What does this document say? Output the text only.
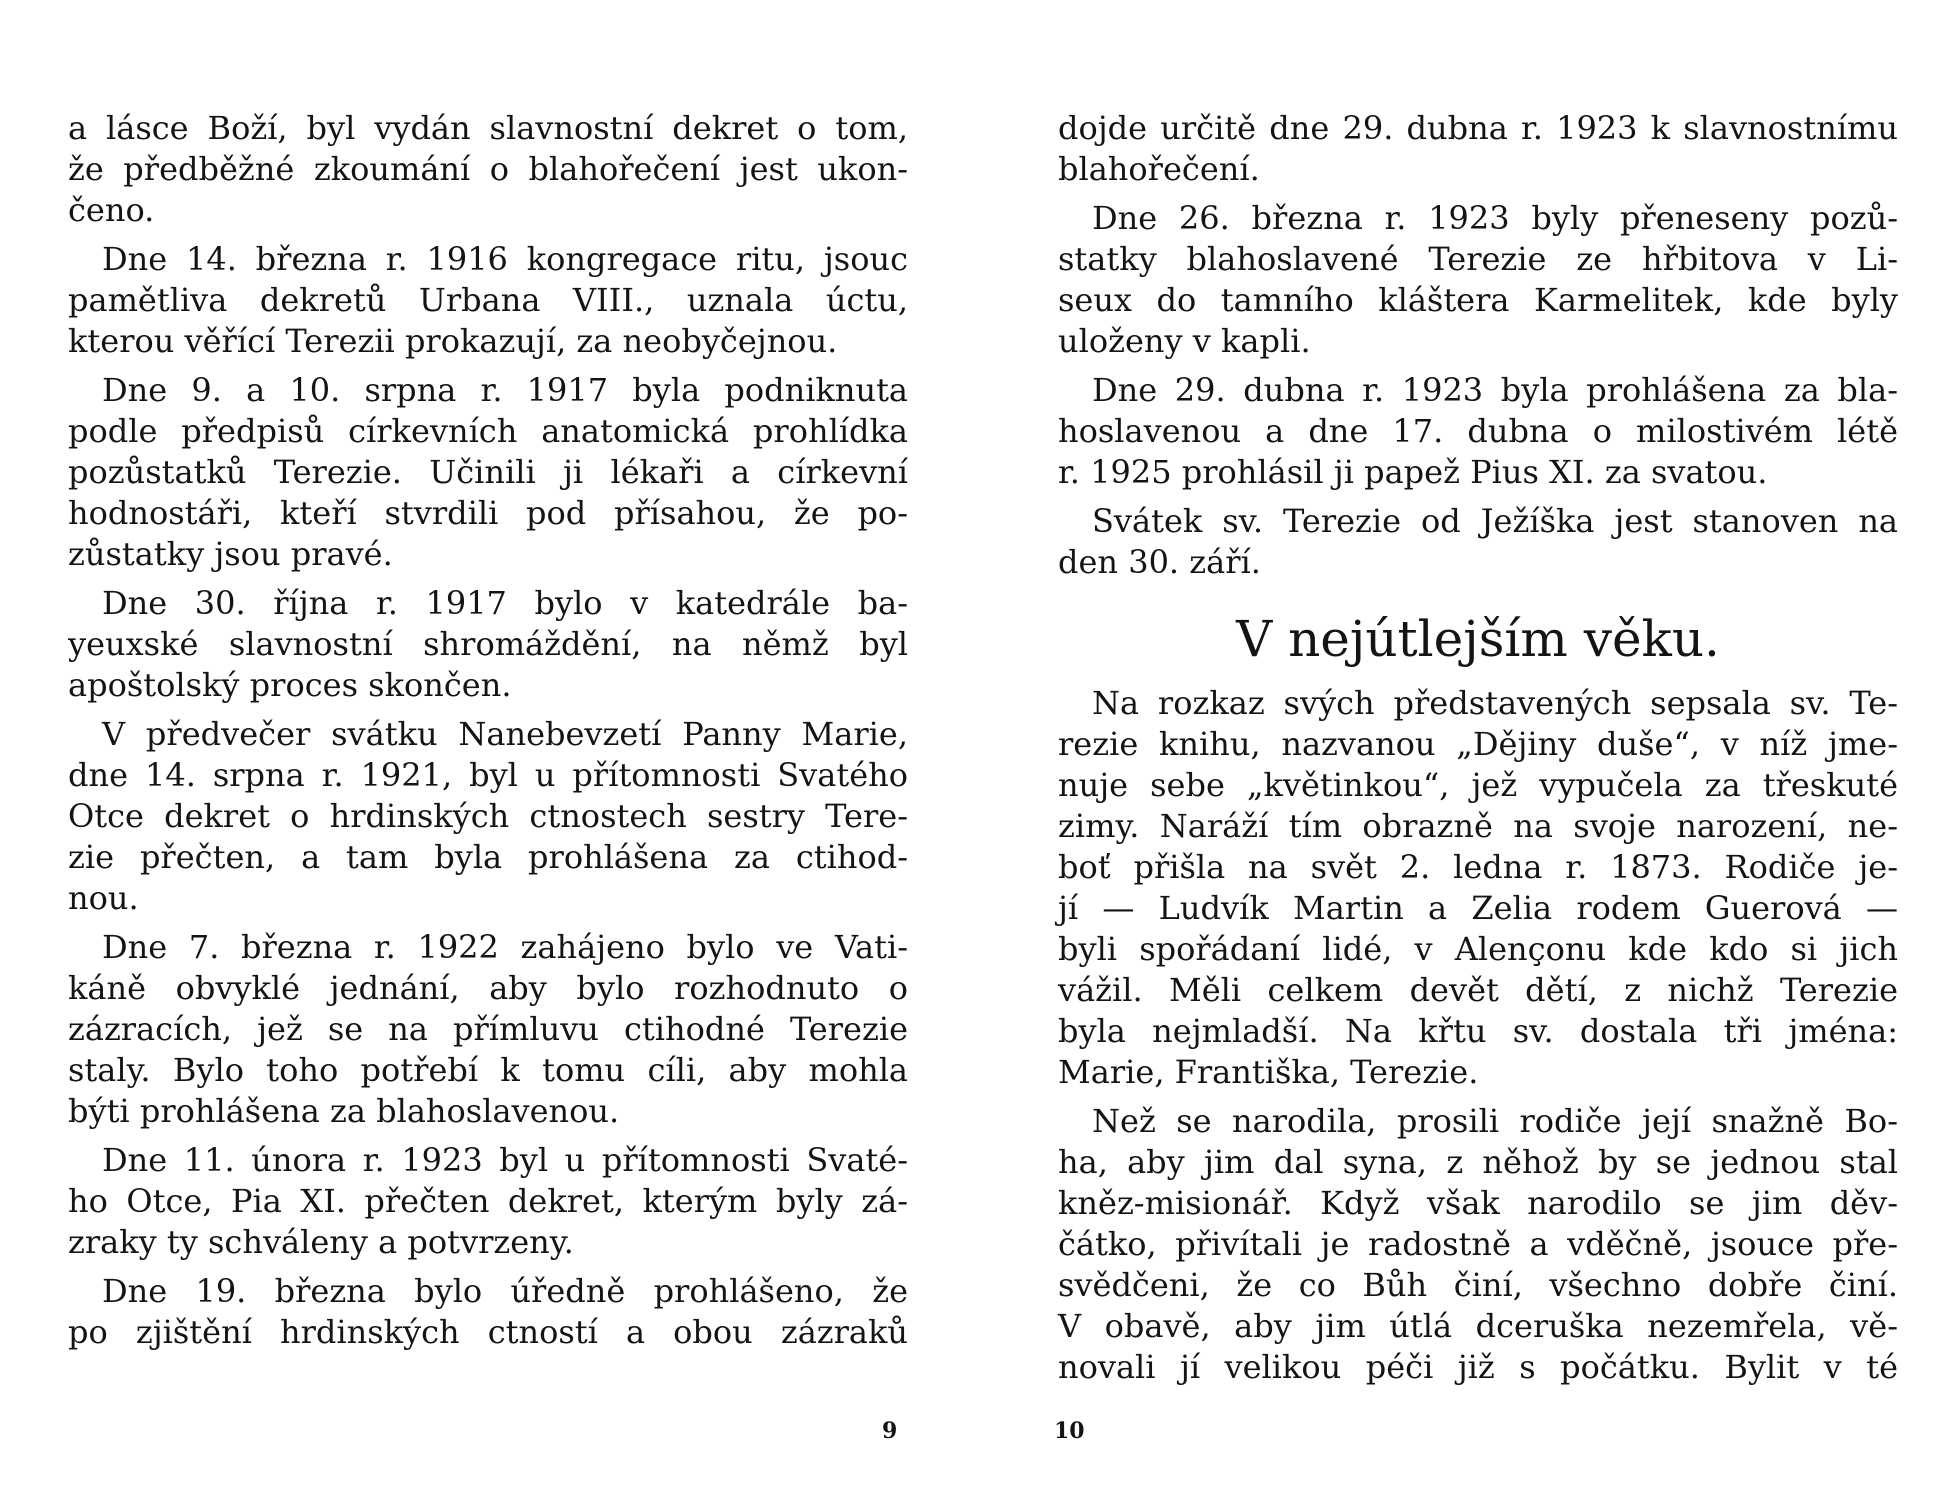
a lásce Boží, byl vydán slavnostní dekret o tom,
že předběžné zkoumání o blahořečení jest ukon-
čeno.
Dne 14. března r. 1916 kongregace ritu, jsouc
pamětliva dekretů Urbana VIII., uznala úctu,
kterou věřící Terezii prokazují, za neobyčejnou.
Dne 9. a 10. srpna r. 1917 byla podniknuta
podle předpisů církevních anatomická prohlídka
pozůstatků Terezie. Učinili ji lékaři a církevní
hodnostáři, kteří stvrdili pod přísahou, že po-
zůstatky jsou pravé.
Dne 30. října r. 1917 bylo v katedrále ba-
yeuxské slavnostní shromáždění, na němž byl
apoštolský proces skončen.
V předvečer svátku Nanebevzetí Panny Marie,
dne 14. srpna r. 1921, byl u přítomnosti Svatého
Otce dekret o hrdinských ctnostech sestry Tere-
zie přečten, a tam byla prohlášena za ctihod-
nou.
Dne 7. března r. 1922 zahájeno bylo ve Vati-
káně obvyklé jednání, aby bylo rozhodnuto o
zázracích, jež se na přímluvu ctihodné Terezie
staly. Bylo toho potřebí k tomu cíli, aby mohla
býti prohlášena za blahoslavenou.
Dne 11. února r. 1923 byl u přítomnosti Svaté-
ho Otce, Pia XI. přečten dekret, kterým byly zá-
zraky ty schváleny a potvrzeny.
Dne 19. března bylo úředně prohlášeno, že
po zjištění hrdinských ctností a obou zázraků
9
dojde určitě dne 29. dubna r. 1923 k slavnostnímu
blahořečení.
Dne 26. března r. 1923 byly přeneseny pozů-
statky blahoslavené Terezie ze hřbitova v Li-
seux do tamního kláštera Karmelitek, kde byly
uloženy v kapli.
Dne 29. dubna r. 1923 byla prohlášena za bla-
hoslavenou a dne 17. dubna o milostivém létě
r. 1925 prohlásil ji papež Pius XI. za svatou.
Svátek sv. Terezie od Ježíška jest stanoven na
den 30. září.
V nejútlejším věku.
Na rozkaz svých představených sepsala sv. Te-
rezie knihu, nazvanou „Dějiny duše“, v níž jme-
nuje sebe „květinkou“, jež vypučela za třeskuté
zimy. Naráží tím obrazně na svoje narození, ne-
boť přišla na svět 2. ledna r. 1873. Rodiče je-
jí — Ludvík Martin a Zelia rodem Guerová —
byli spořádaní lidé, v Alençonu kde kdo si jich
vážil. Měli celkem devět dětí, z nichž Terezie
byla nejmladší. Na křtu sv. dostala tři jména:
Marie, Františka, Terezie.
Než se narodila, prosili rodiče její snažně Bo-
ha, aby jim dal syna, z něhož by se jednou stal
kněz-misionář. Když však narodilo se jim děv-
čátko, přivítali je radostně a vděčně, jsouce pře-
svědčeni, že co Bůh činí, všechno dobře činí.
V obavě, aby jim útlá dceruška nezemřela, vě-
novali jí velikou péči již s počátku. Bylit v té
10
